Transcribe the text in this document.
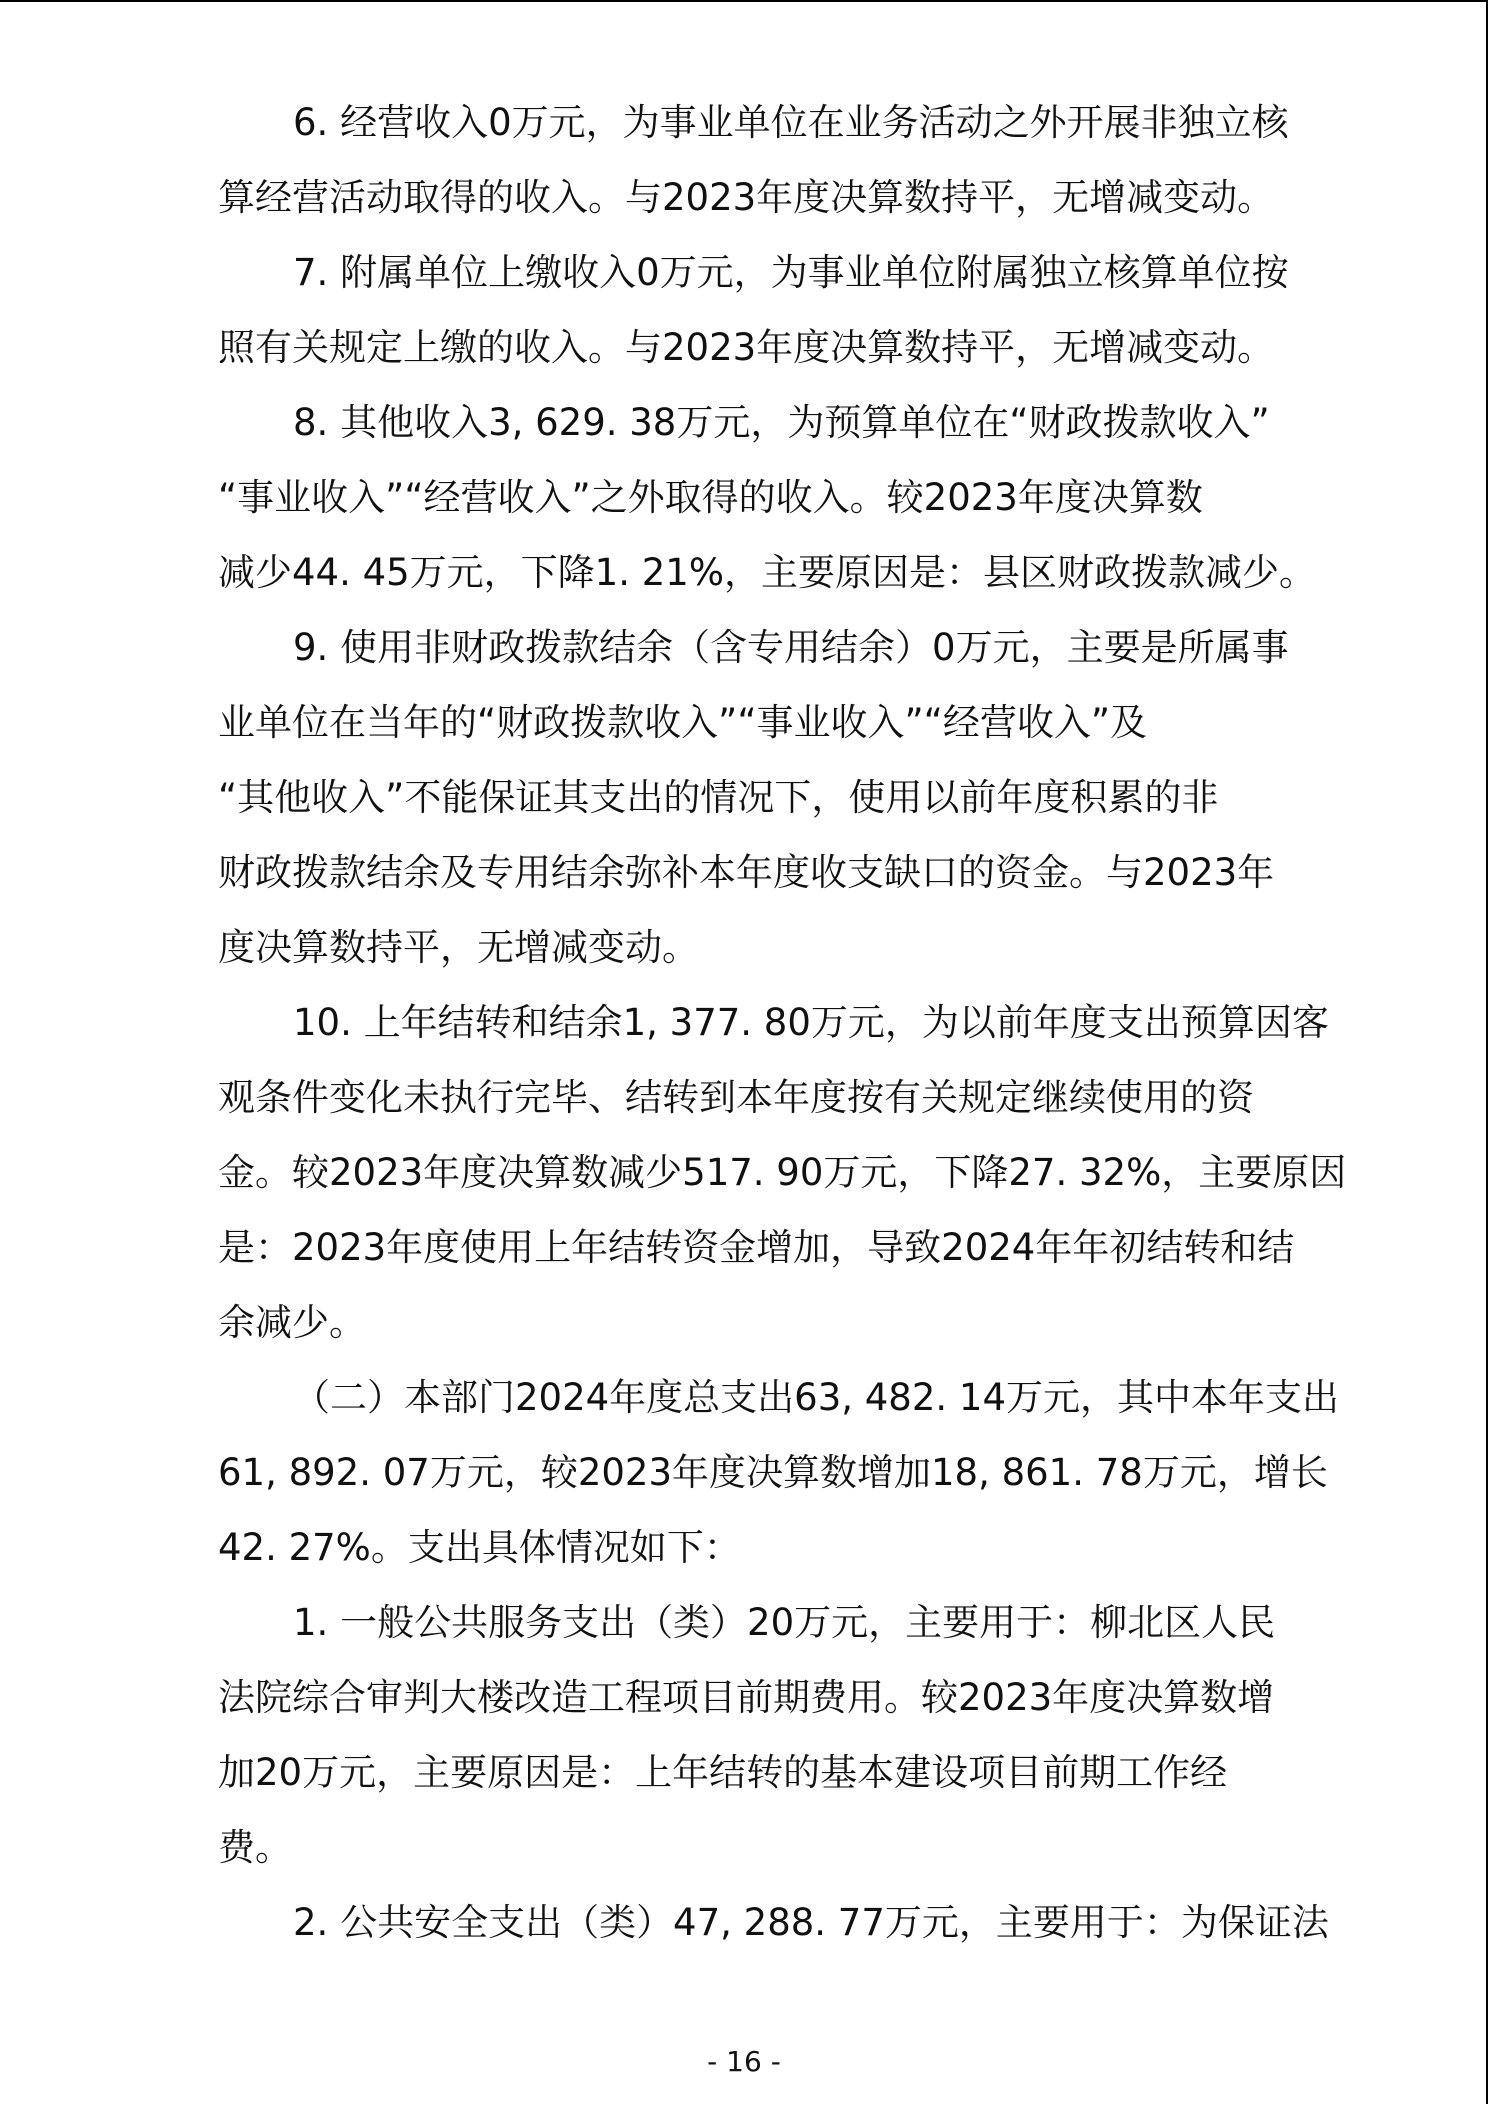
6. 经营收入0万元，为事业单位在业务活动之外开展非独立核
算经营活动取得的收入。与2023年度决算数持平，无增减变动。
7. 附属单位上缴收入0万元，为事业单位附属独立核算单位按
照有关规定上缴的收入。与2023年度决算数持平，无增减变动。
8. 其他收入3, 629. 38万元，为预算单位在“财政拨款收入”
“事业收入”“经营收入”之外取得的收入。较2023年度决算数
减少44. 45万元，下降1. 21%，主要原因是：县区财政拨款减少。
9. 使用非财政拨款结余（含专用结余）0万元，主要是所属事
业单位在当年的“财政拨款收入”“事业收入”“经营收入”及
“其他收入”不能保证其支出的情况下，使用以前年度积累的非
财政拨款结余及专用结余弥补本年度收支缺口的资金。与2023年
度决算数持平，无增减变动。
10. 上年结转和结余1, 377. 80万元，为以前年度支出预算因客
观条件变化未执行完毕、结转到本年度按有关规定继续使用的资
金。较2023年度决算数减少517. 90万元，下降27. 32%，主要原因
是：2023年度使用上年结转资金增加，导致2024年年初结转和结
余减少。
（二）本部门2024年度总支出63, 482. 14万元，其中本年支出
61, 892. 07万元，较2023年度决算数增加18, 861. 78万元，增长
42. 27%。支出具体情况如下：
1. 一般公共服务支出（类）20万元，主要用于：柳北区人民
法院综合审判大楼改造工程项目前期费用。较2023年度决算数增
加20万元，主要原因是：上年结转的基本建设项目前期工作经
费。
2. 公共安全支出（类）47, 288. 77万元，主要用于：为保证法
- 16 -
